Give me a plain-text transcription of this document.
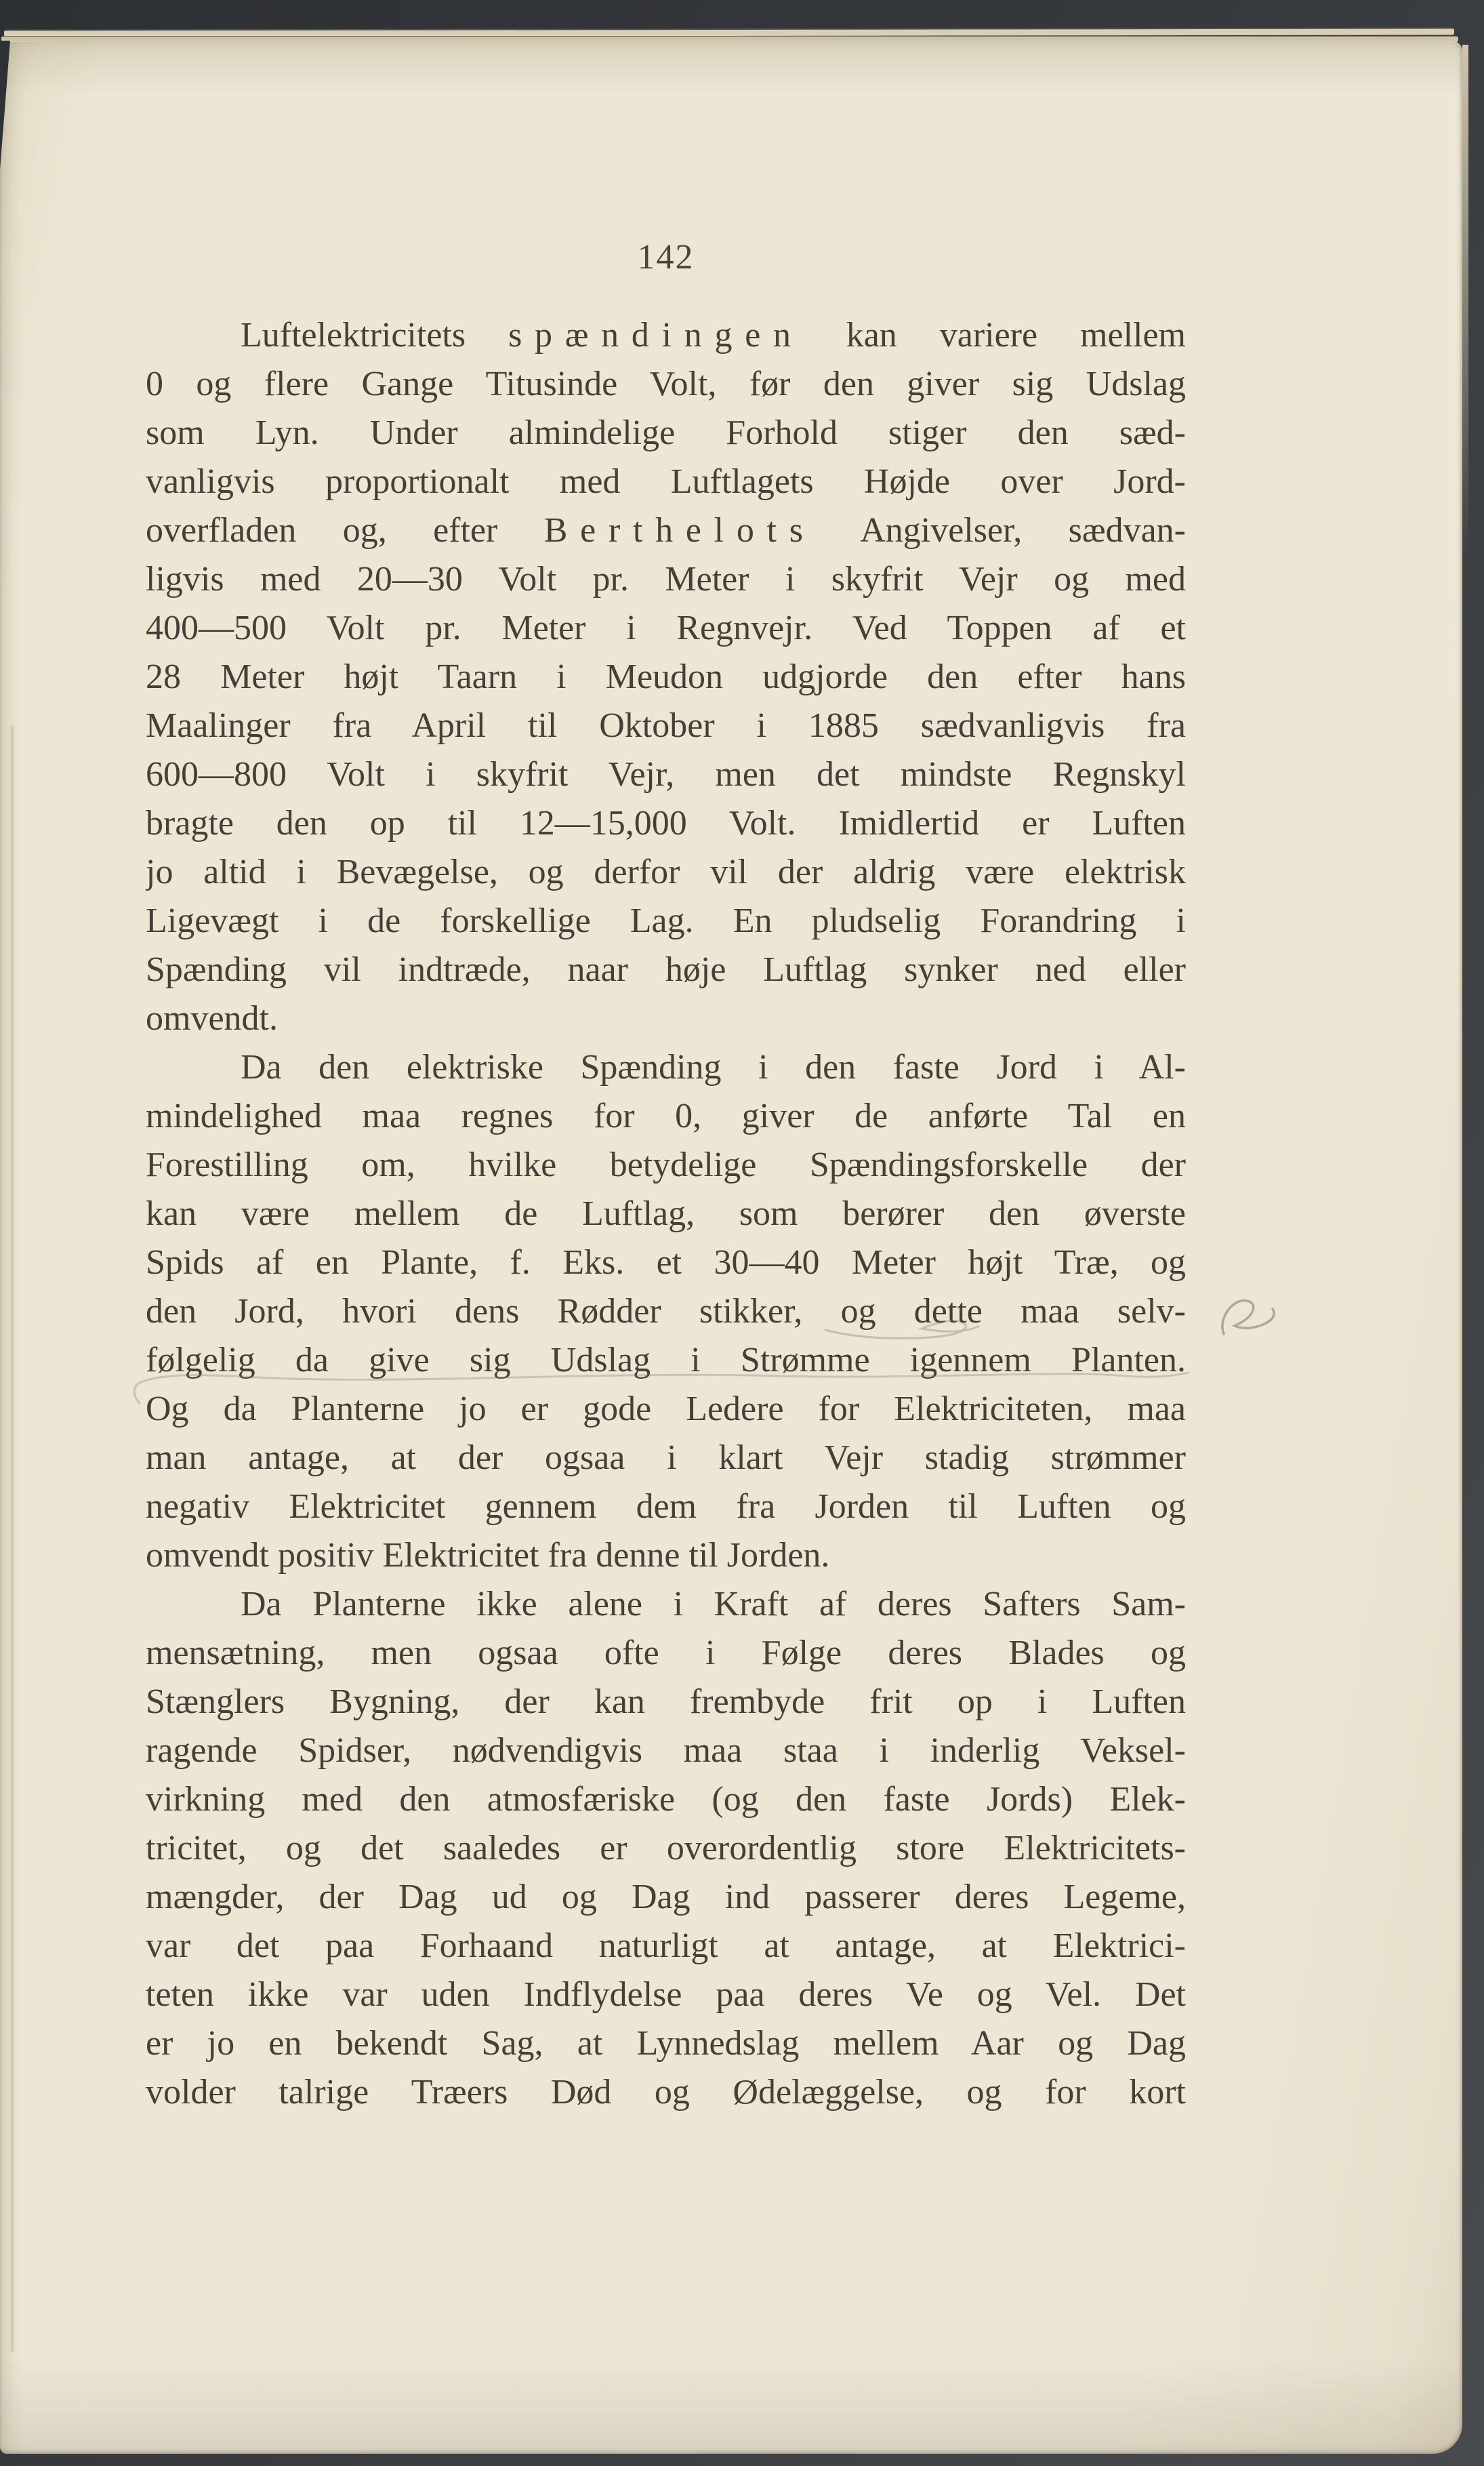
142
Luftelektricitets spændingen kan variere mellem
0 og flere Gange Titusinde Volt, før den giver sig Udslag
som Lyn. Under almindelige Forhold stiger den sæd-
vanligvis proportionalt med Luftlagets Højde over Jord-
overfladen og, efter Berthelots Angivelser, sædvan-
ligvis med 20—30 Volt pr. Meter i skyfrit Vejr og med
400—500 Volt pr. Meter i Regnvejr. Ved Toppen af et
28 Meter højt Taarn i Meudon udgjorde den efter hans
Maalinger fra April til Oktober i 1885 sædvanligvis fra
600—800 Volt i skyfrit Vejr, men det mindste Regnskyl
bragte den op til 12—15,000 Volt. Imidlertid er Luften
jo altid i Bevægelse, og derfor vil der aldrig være elektrisk
Ligevægt i de forskellige Lag. En pludselig Forandring i
Spænding vil indtræde, naar høje Luftlag synker ned eller
omvendt.
Da den elektriske Spænding i den faste Jord i Al-
mindelighed maa regnes for 0, giver de anførte Tal en
Forestilling om, hvilke betydelige Spændingsforskelle der
kan være mellem de Luftlag, som berører den øverste
Spids af en Plante, f. Eks. et 30—40 Meter højt Træ, og
den Jord, hvori dens Rødder stikker, og dette maa selv-
følgelig da give sig Udslag i Strømme igennem Planten.
Og da Planterne jo er gode Ledere for Elektriciteten, maa
man antage, at der ogsaa i klart Vejr stadig strømmer
negativ Elektricitet gennem dem fra Jorden til Luften og
omvendt positiv Elektricitet fra denne til Jorden.
Da Planterne ikke alene i Kraft af deres Safters Sam-
mensætning, men ogsaa ofte i Følge deres Blades og
Stænglers Bygning, der kan frembyde frit op i Luften
ragende Spidser, nødvendigvis maa staa i inderlig Veksel-
virkning med den atmosfæriske (og den faste Jords) Elek-
tricitet, og det saaledes er overordentlig store Elektricitets-
mængder, der Dag ud og Dag ind passerer deres Legeme,
var det paa Forhaand naturligt at antage, at Elektrici-
teten ikke var uden Indflydelse paa deres Ve og Vel. Det
er jo en bekendt Sag, at Lynnedslag mellem Aar og Dag
volder talrige Træers Død og Ødelæggelse, og for kort
